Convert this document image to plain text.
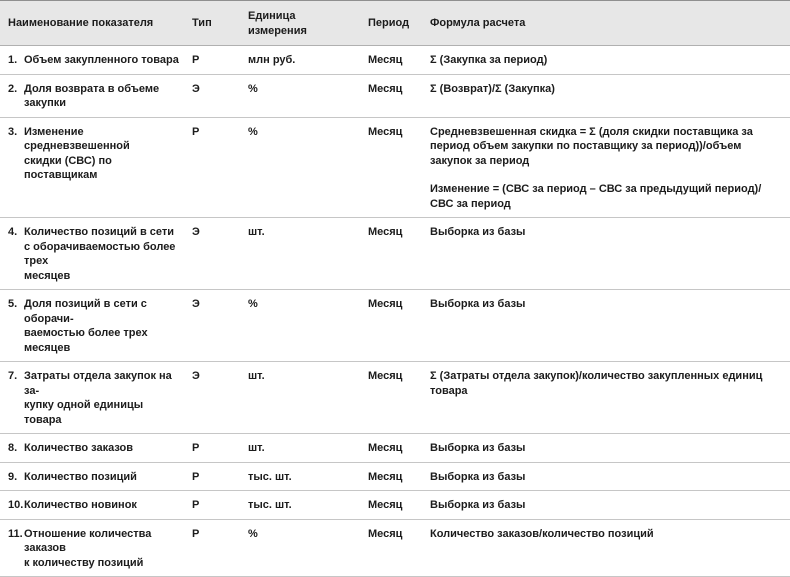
Наименование показателя	Тип	Единица измерения	Период	Формула расчета

1. Объем закупленного товара	Р	млн руб.	Месяц	Σ (Закупка за период)

2. Доля возврата в объеме
закупки	Э	%	Месяц	Σ (Возврат)/Σ (Закупка)

3. Изменение средневзвешенной
скидки (СВС) по поставщикам	Р	%	Месяц	Средневзвешенная скидка = Σ (доля скидки поставщика за период объем закупки по поставщику за период))/объем закупок за период
Изменение = (СВС за период – СВС за предыдущий период)/СВС за период

4. Количество позиций в сети
с оборачиваемостью более трех
месяцев	Э	шт.	Месяц	Выборка из базы

5. Доля позиций в сети с оборачи-
ваемостью более трех месяцев	Э	%	Месяц	Выборка из базы

7. Затраты отдела закупок на за-
купку одной единицы товара	Э	шт.	Месяц	Σ (Затраты отдела закупок)/количество закупленных единиц товара

8. Количество заказов	Р	шт.	Месяц	Выборка из базы

9. Количество позиций	Р	тыс. шт.	Месяц	Выборка из базы

10. Количество новинок	Р	тыс. шт.	Месяц	Выборка из базы

11. Отношение количества заказов
к количеству позиций	Р	%	Месяц	Количество заказов/количество позиций
